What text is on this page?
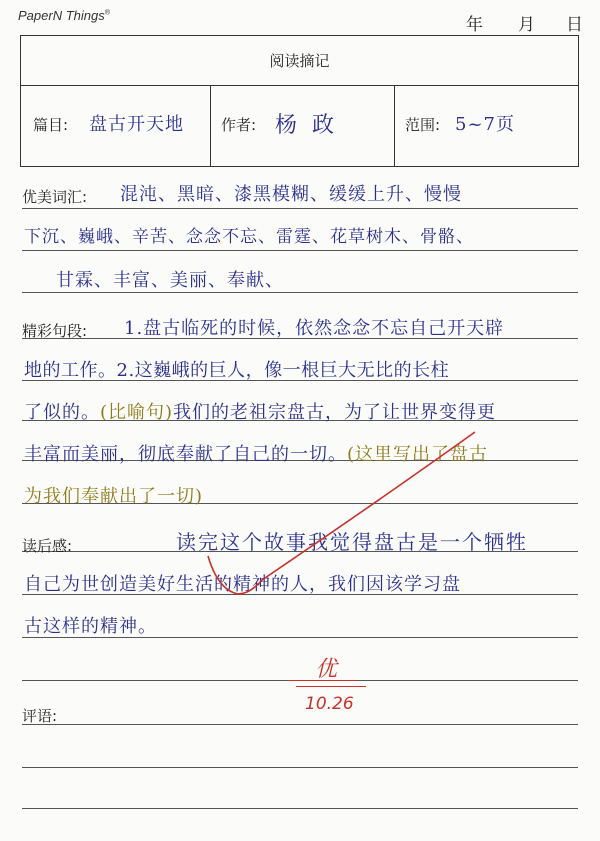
PaperN Things®
年 月 日
阅读摘记
篇目: 盘古开天地 作者: 杨 政	范围: 5~7页
优美词汇: 混沌、黑暗、漆黑模糊、缓缓上升、慢慢
下沉、巍峨、辛苦、念念不忘、雷霆、花草树木、骨骼、
甘霖、丰富、美丽、奉献、
精彩句段: 1.盘古临死的时候，依然念念不忘自己开天辟
地的工作。2.这巍峨的巨人，像一根巨大无比的长柱
了似的。(比喻句)我们的老祖宗盘古，为了让世界变得更
丰富而美丽，彻底奉献了自己的一切。(这里写出了盘古
为我们奉献出了一切)
读后感:	读完这个故事我觉得盘古是一个牺牲
自己为世创造美好生活的精神的人，我们因该学习盘
古这样的精神。
优
10.26
评语:
